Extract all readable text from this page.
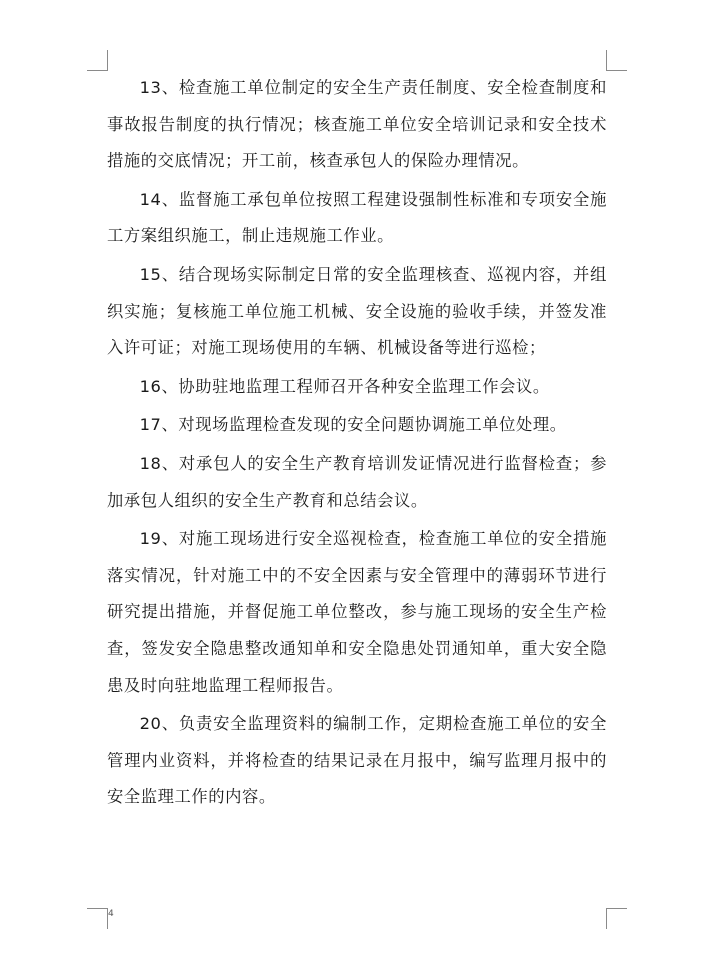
13、检查施工单位制定的安全生产责任制度、安全检查制度和事故报告制度的执行情况；核查施工单位安全培训记录和安全技术措施的交底情况；开工前，核查承包人的保险办理情况。

14、监督施工承包单位按照工程建设强制性标准和专项安全施工方案组织施工，制止违规施工作业。

15、结合现场实际制定日常的安全监理核查、巡视内容，并组织实施；复核施工单位施工机械、安全设施的验收手续，并签发准入许可证；对施工现场使用的车辆、机械设备等进行巡检；

16、协助驻地监理工程师召开各种安全监理工作会议。

17、对现场监理检查发现的安全问题协调施工单位处理。

18、对承包人的安全生产教育培训发证情况进行监督检查；参加承包人组织的安全生产教育和总结会议。

19、对施工现场进行安全巡视检查，检查施工单位的安全措施落实情况，针对施工中的不安全因素与安全管理中的薄弱环节进行研究提出措施，并督促施工单位整改，参与施工现场的安全生产检查，签发安全隐患整改通知单和安全隐患处罚通知单，重大安全隐患及时向驻地监理工程师报告。

20、负责安全监理资料的编制工作，定期检查施工单位的安全管理内业资料，并将检查的结果记录在月报中，编写监理月报中的安全监理工作的内容。

4
